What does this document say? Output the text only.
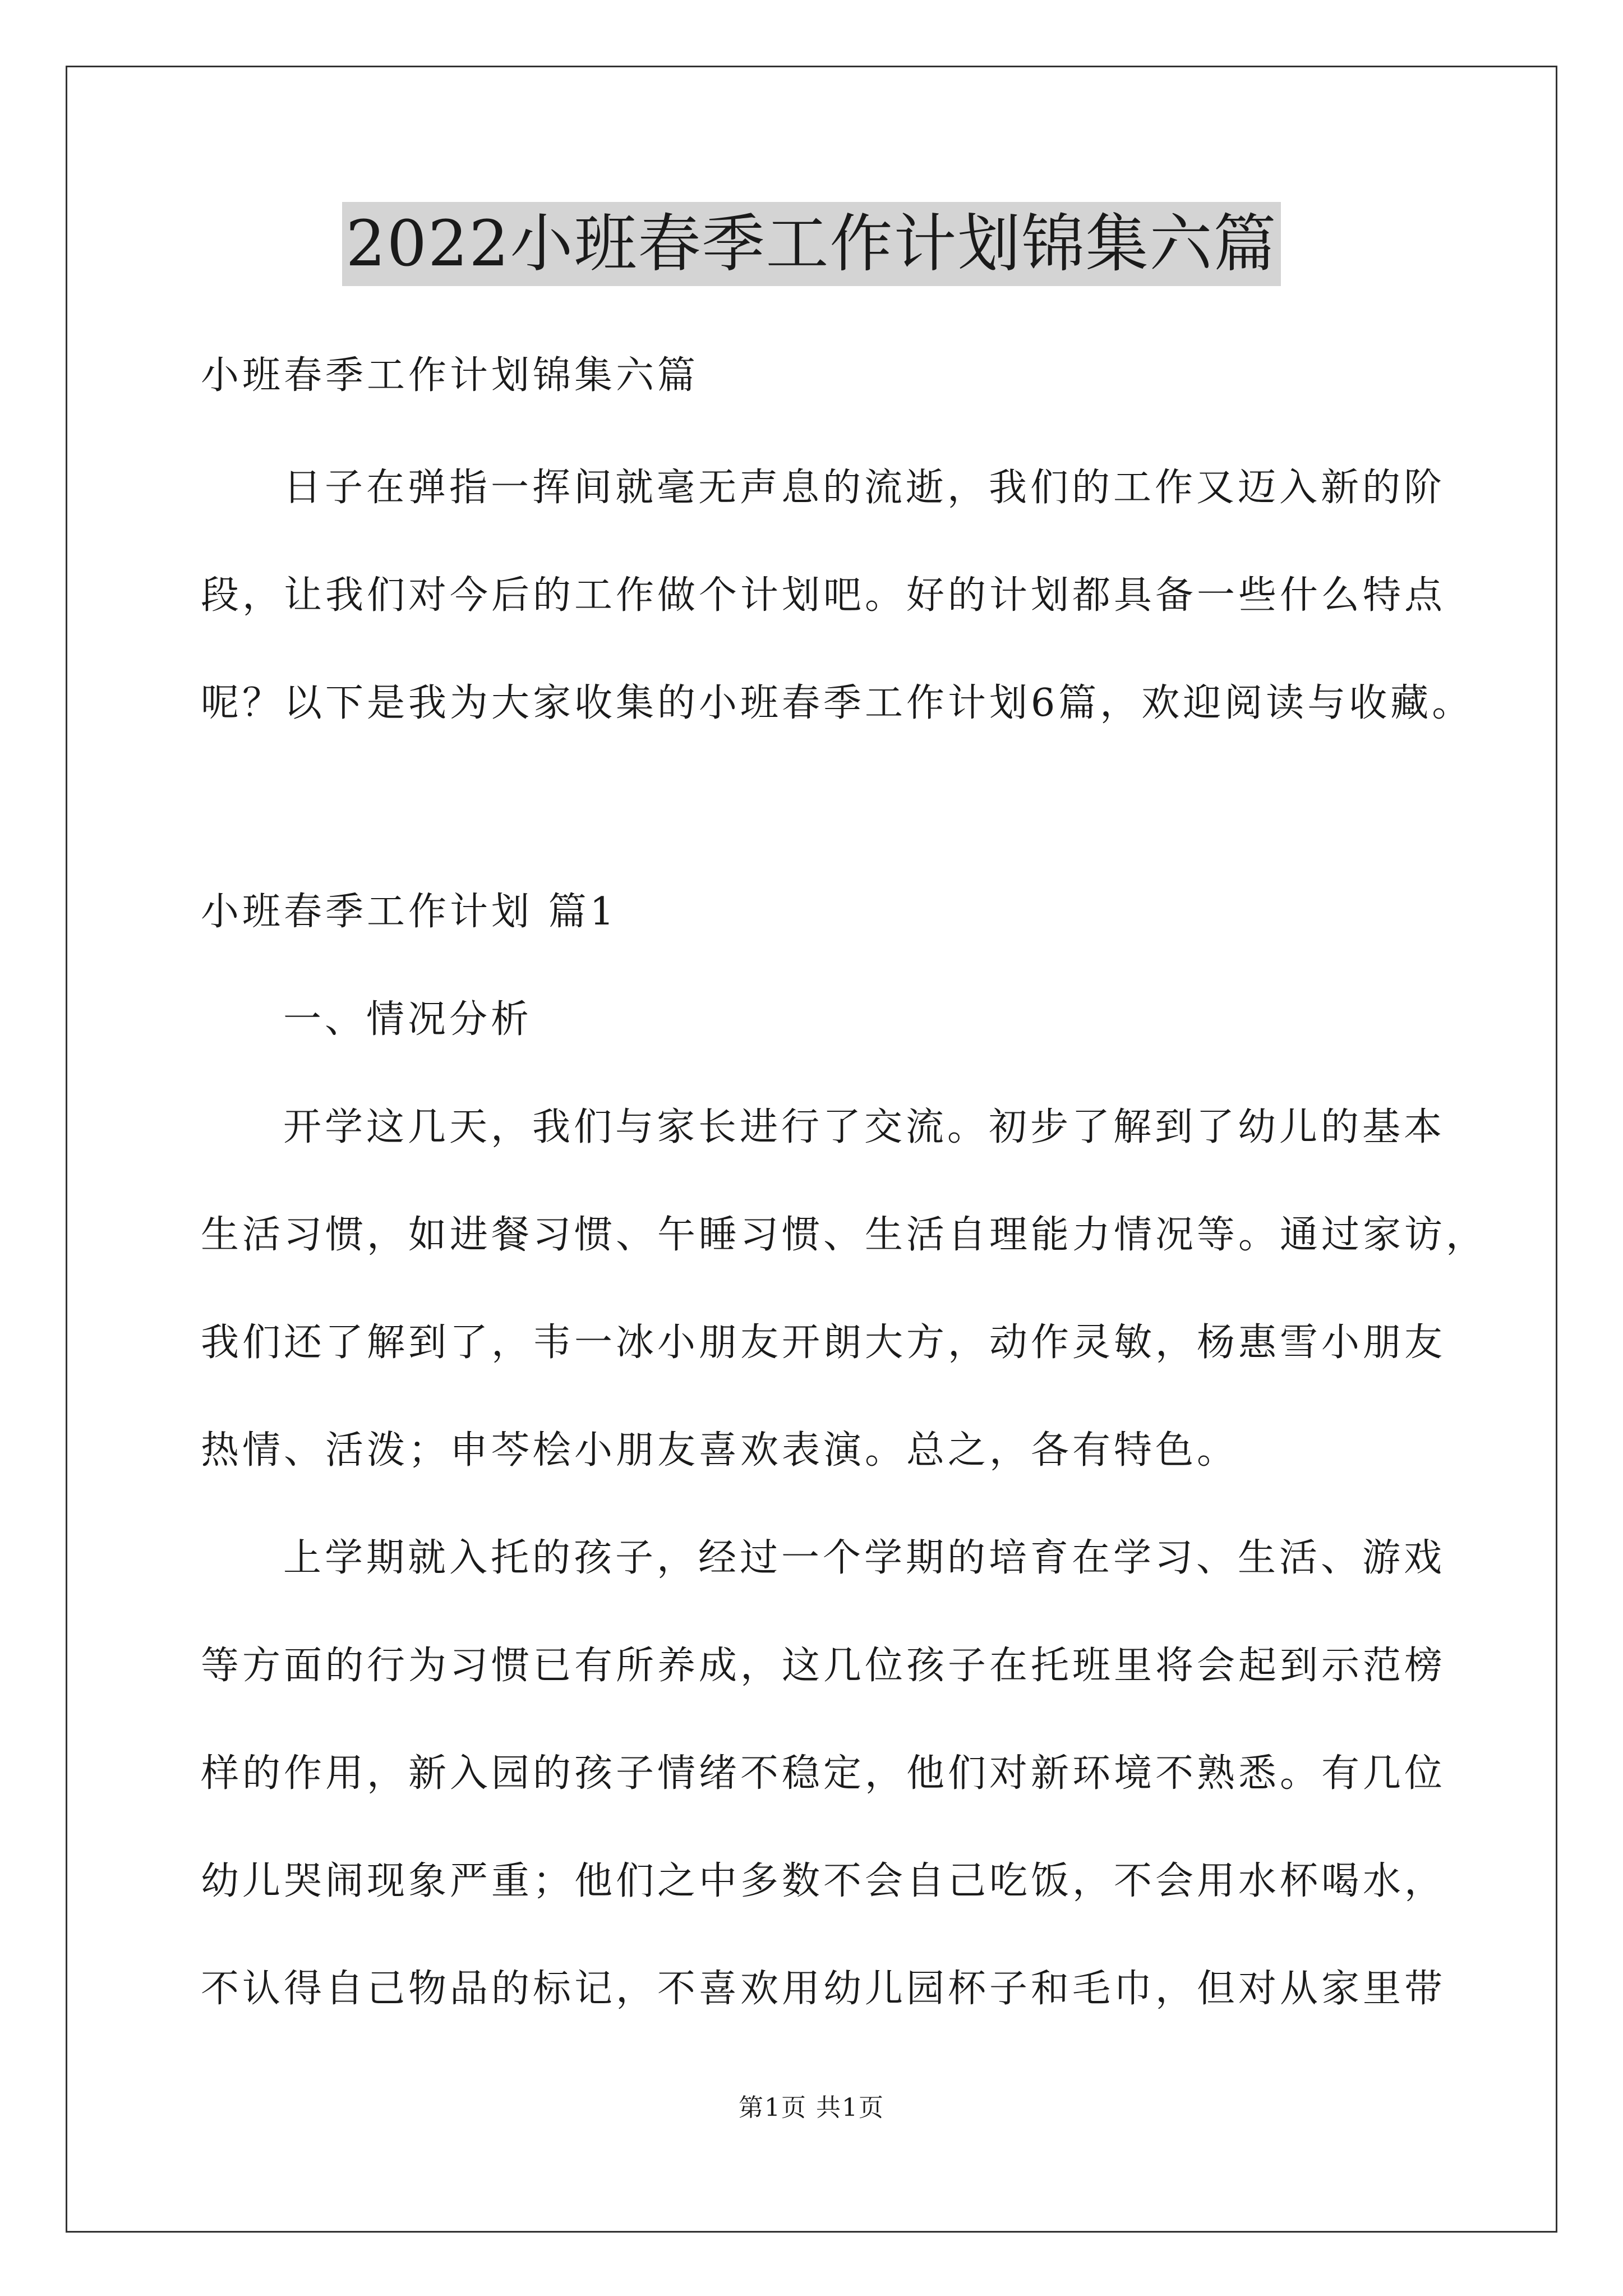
2022小班春季工作计划锦集六篇
小班春季工作计划锦集六篇
日子在弹指一挥间就毫无声息的流逝，我们的工作又迈入新的阶
段，让我们对今后的工作做个计划吧。好的计划都具备一些什么特点
呢？以下是我为大家收集的小班春季工作计划6篇，欢迎阅读与收藏。
小班春季工作计划 篇1
一、情况分析
开学这几天，我们与家长进行了交流。初步了解到了幼儿的基本
生活习惯，如进餐习惯、午睡习惯、生活自理能力情况等。通过家访，
我们还了解到了，韦一冰小朋友开朗大方，动作灵敏，杨惠雪小朋友
热情、活泼；申芩桧小朋友喜欢表演。总之，各有特色。
上学期就入托的孩子，经过一个学期的培育在学习、生活、游戏
等方面的行为习惯已有所养成，这几位孩子在托班里将会起到示范榜
样的作用，新入园的孩子情绪不稳定，他们对新环境不熟悉。有几位
幼儿哭闹现象严重；他们之中多数不会自己吃饭，不会用水杯喝水，
不认得自己物品的标记，不喜欢用幼儿园杯子和毛巾，但对从家里带
第1页 共1页
